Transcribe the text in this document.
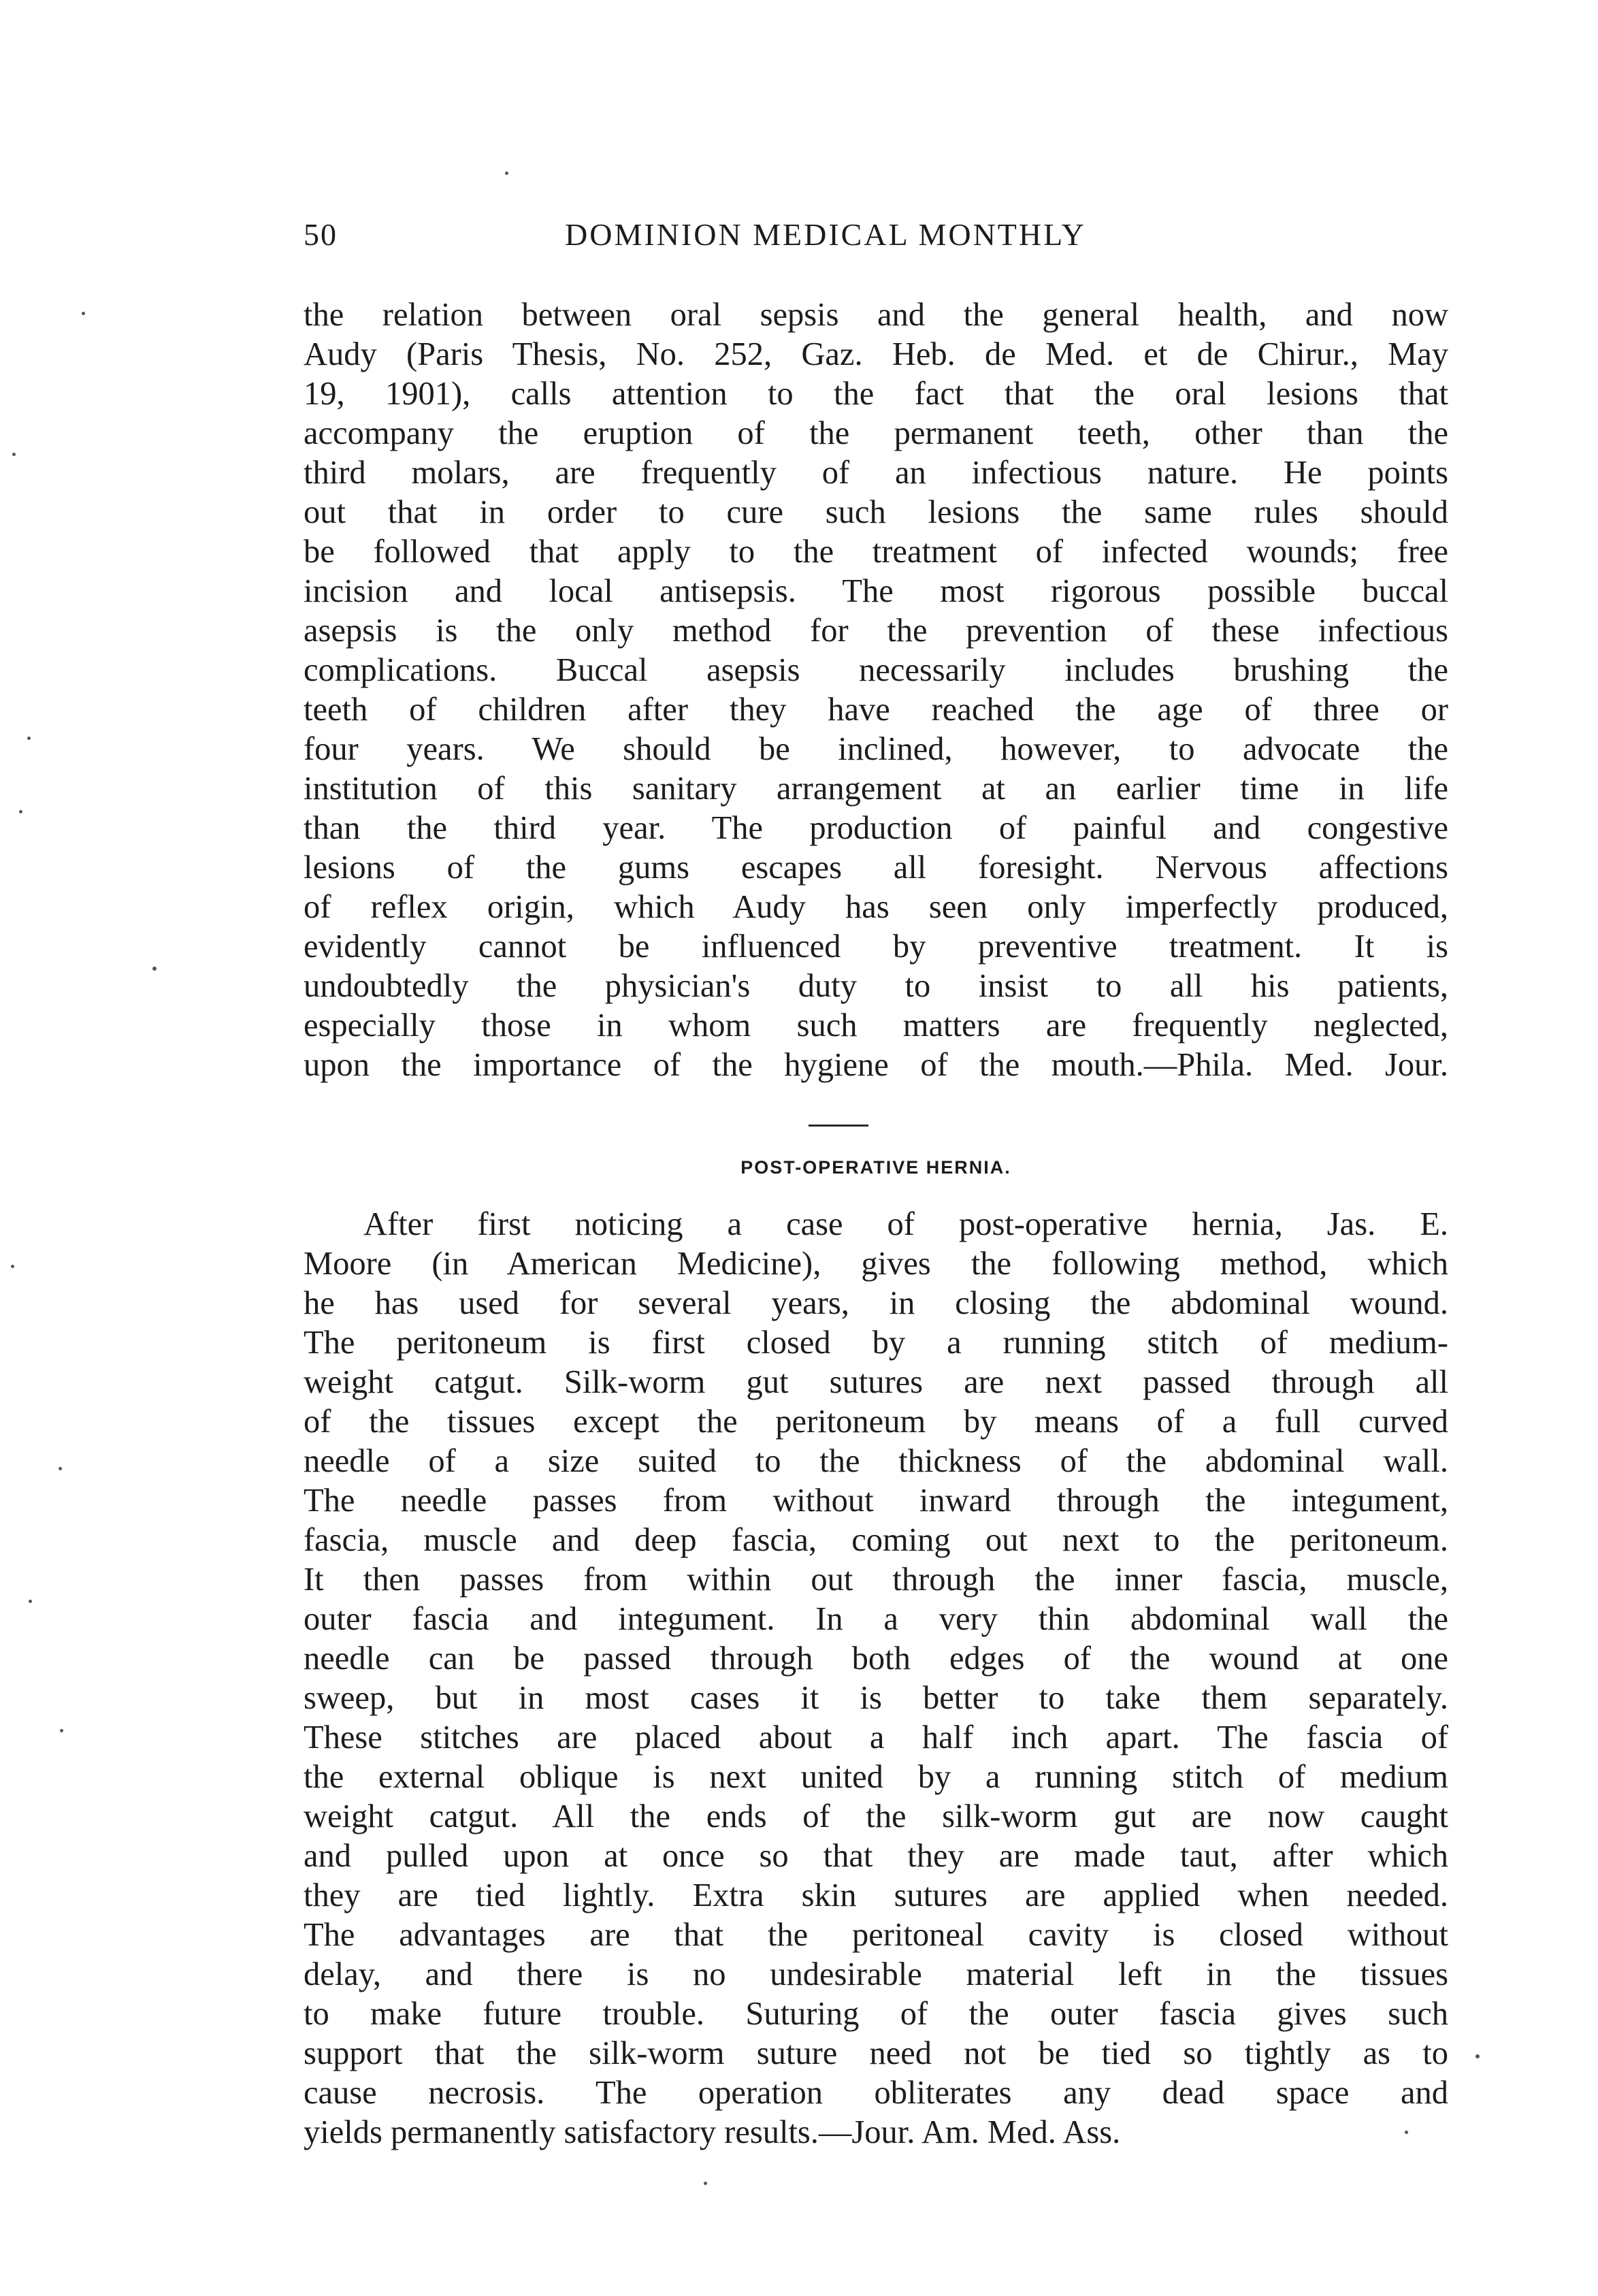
50	DOMINION MEDICAL MONTHLY
the relation between oral sepsis and the general health, and now
Audy (Paris Thesis, No. 252, Gaz. Heb. de Med. et de Chirur., May
19, 1901), calls attention to the fact that the oral lesions that
accompany the eruption of the permanent teeth, other than the
third molars, are frequently of an infectious nature. He points
out that in order to cure such lesions the same rules should
be followed that apply to the treatment of infected wounds; free
incision and local antisepsis. The most rigorous possible buccal
asepsis is the only method for the prevention of these infectious
complications. Buccal asepsis necessarily includes brushing the
teeth of children after they have reached the age of three or
four years. We should be inclined, however, to advocate the
institution of this sanitary arrangement at an earlier time in life
than the third year. The production of painful and congestive
lesions of the gums escapes all foresight. Nervous affections
of reflex origin, which Audy has seen only imperfectly produced,
evidently cannot be influenced by preventive treatment. It is
undoubtedly the physician's duty to insist to all his patients,
especially those in whom such matters are frequently neglected,
upon the importance of the hygiene of the mouth.—Phila. Med. Jour.
POST-OPERATIVE HERNIA.
After first noticing a case of post-operative hernia, Jas. E.
Moore (in American Medicine), gives the following method, which
he has used for several years, in closing the abdominal wound.
The peritoneum is first closed by a running stitch of medium-
weight catgut. Silk-worm gut sutures are next passed through all
of the tissues except the peritoneum by means of a full curved
needle of a size suited to the thickness of the abdominal wall.
The needle passes from without inward through the integument,
fascia, muscle and deep fascia, coming out next to the peritoneum.
It then passes from within out through the inner fascia, muscle,
outer fascia and integument. In a very thin abdominal wall the
needle can be passed through both edges of the wound at one
sweep, but in most cases it is better to take them separately.
These stitches are placed about a half inch apart. The fascia of
the external oblique is next united by a running stitch of medium
weight catgut. All the ends of the silk-worm gut are now caught
and pulled upon at once so that they are made taut, after which
they are tied lightly. Extra skin sutures are applied when needed.
The advantages are that the peritoneal cavity is closed without
delay, and there is no undesirable material left in the tissues
to make future trouble. Suturing of the outer fascia gives such
support that the silk-worm suture need not be tied so tightly as to
cause necrosis. The operation obliterates any dead space and
yields permanently satisfactory results.—Jour. Am. Med. Ass.
